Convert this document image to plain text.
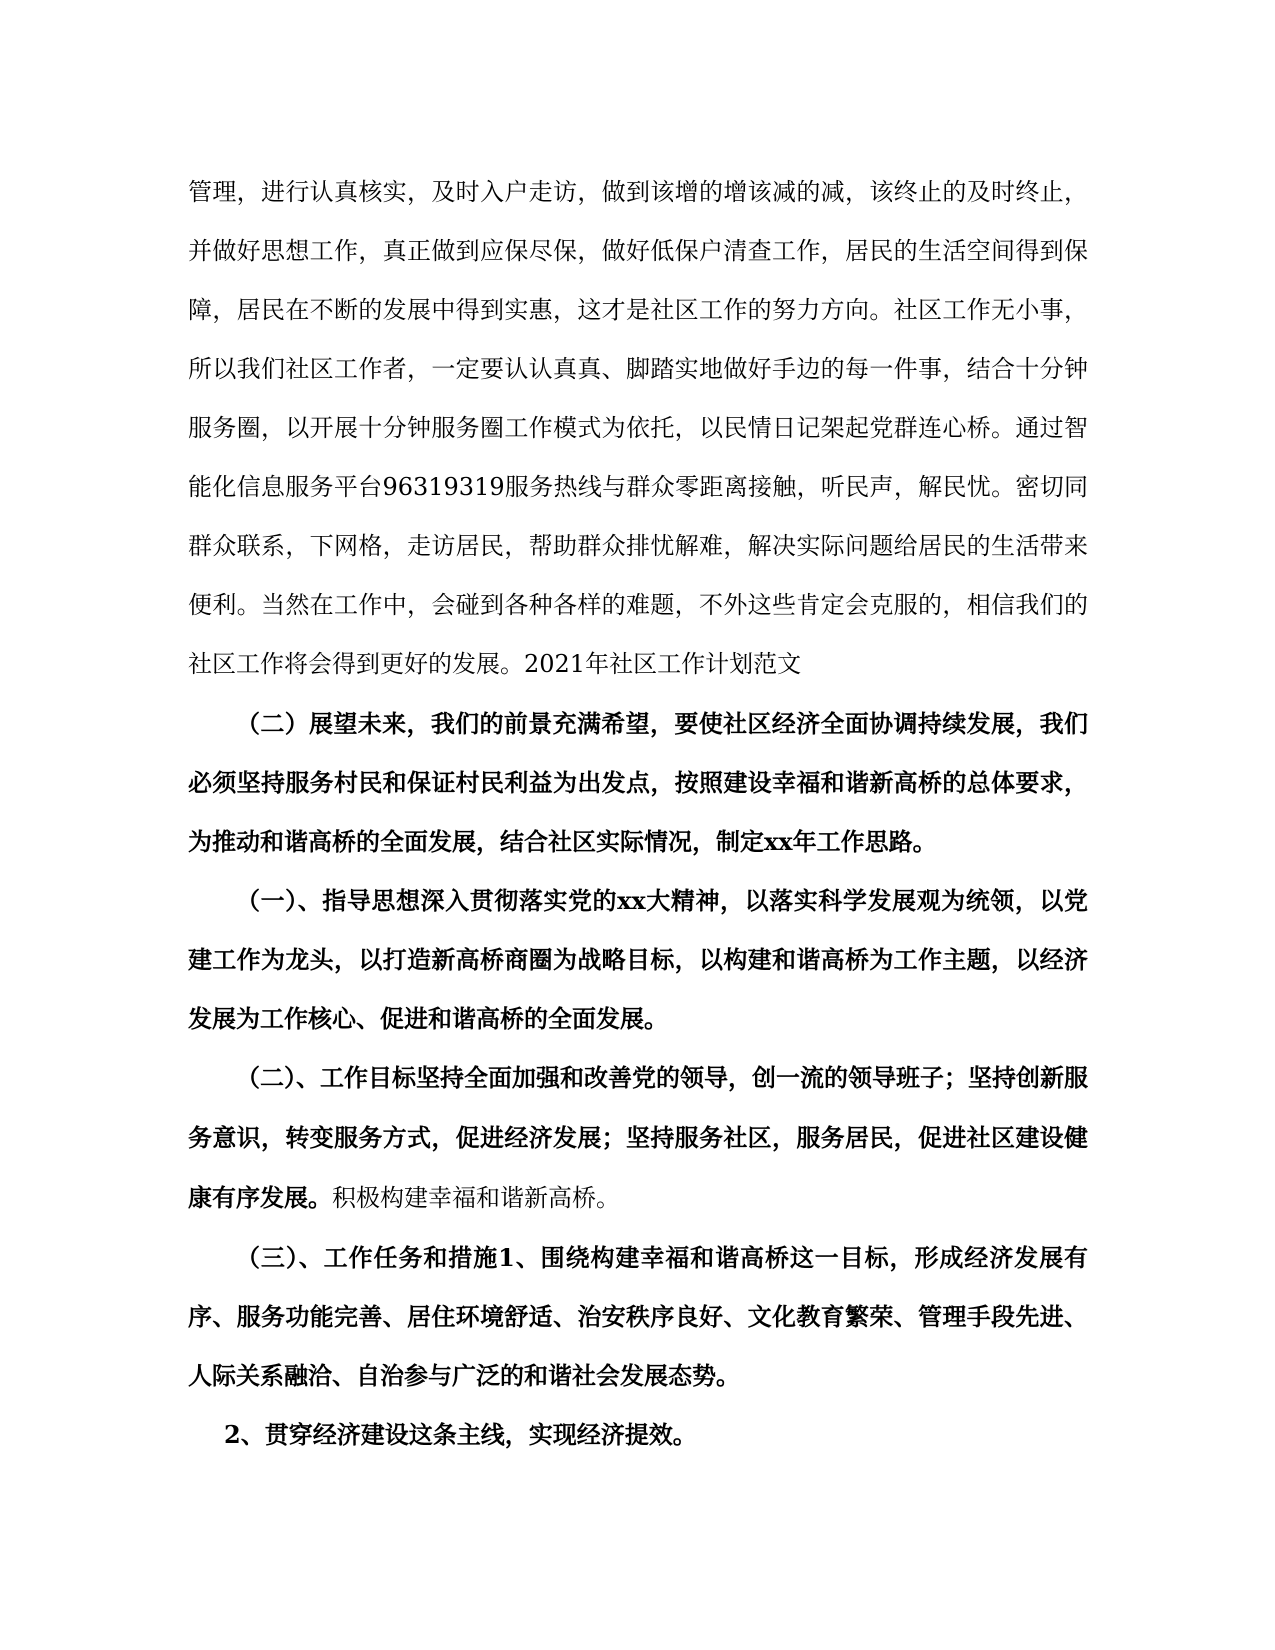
管理，进行认真核实，及时入户走访，做到该增的增该减的减，该终止的及时终止，并做好思想工作，真正做到应保尽保，做好低保户清查工作，居民的生活空间得到保障，居民在不断的发展中得到实惠，这才是社区工作的努力方向。社区工作无小事，所以我们社区工作者，一定要认认真真、脚踏实地做好手边的每一件事，结合十分钟服务圈，以开展十分钟服务圈工作模式为依托，以民情日记架起党群连心桥。通过智能化信息服务平台96319319服务热线与群众零距离接触，听民声，解民忧。密切同群众联系，下网格，走访居民，帮助群众排忧解难，解决实际问题给居民的生活带来便利。当然在工作中，会碰到各种各样的难题，不外这些肯定会克服的，相信我们的社区工作将会得到更好的发展。2021年社区工作计划范文

（二）展望未来，我们的前景充满希望，要使社区经济全面协调持续发展，我们必须坚持服务村民和保证村民利益为出发点，按照建设幸福和谐新高桥的总体要求，为推动和谐高桥的全面发展，结合社区实际情况，制定xx年工作思路。

（一）、指导思想深入贯彻落实党的xx大精神，以落实科学发展观为统领，以党建工作为龙头，以打造新高桥商圈为战略目标，以构建和谐高桥为工作主题，以经济发展为工作核心、促进和谐高桥的全面发展。

（二）、工作目标坚持全面加强和改善党的领导，创一流的领导班子；坚持创新服务意识，转变服务方式，促进经济发展；坚持服务社区，服务居民，促进社区建设健康有序发展。积极构建幸福和谐新高桥。

（三）、工作任务和措施1、围绕构建幸福和谐高桥这一目标，形成经济发展有序、服务功能完善、居住环境舒适、治安秩序良好、文化教育繁荣、管理手段先进、人际关系融洽、自治参与广泛的和谐社会发展态势。

2、贯穿经济建设这条主线，实现经济提效。
